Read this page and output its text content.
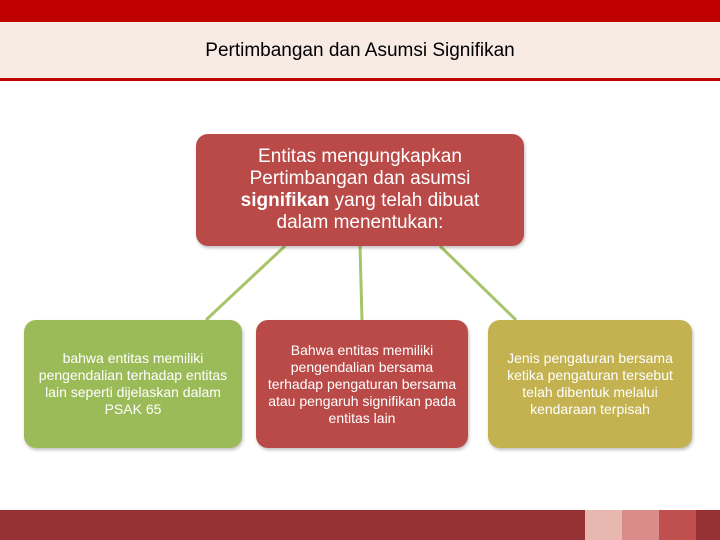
Pertimbangan dan Asumsi Signifikan
Entitas mengungkapkan
Pertimbangan dan asumsi
signifikan yang telah dibuat
dalam menentukan:
bahwa entitas memiliki pengendalian terhadap entitas lain seperti dijelaskan dalam PSAK 65
Bahwa entitas memiliki pengendalian bersama terhadap pengaturan bersama atau pengaruh signifikan pada entitas lain
Jenis pengaturan bersama ketika pengaturan tersebut telah dibentuk melalui kendaraan terpisah
